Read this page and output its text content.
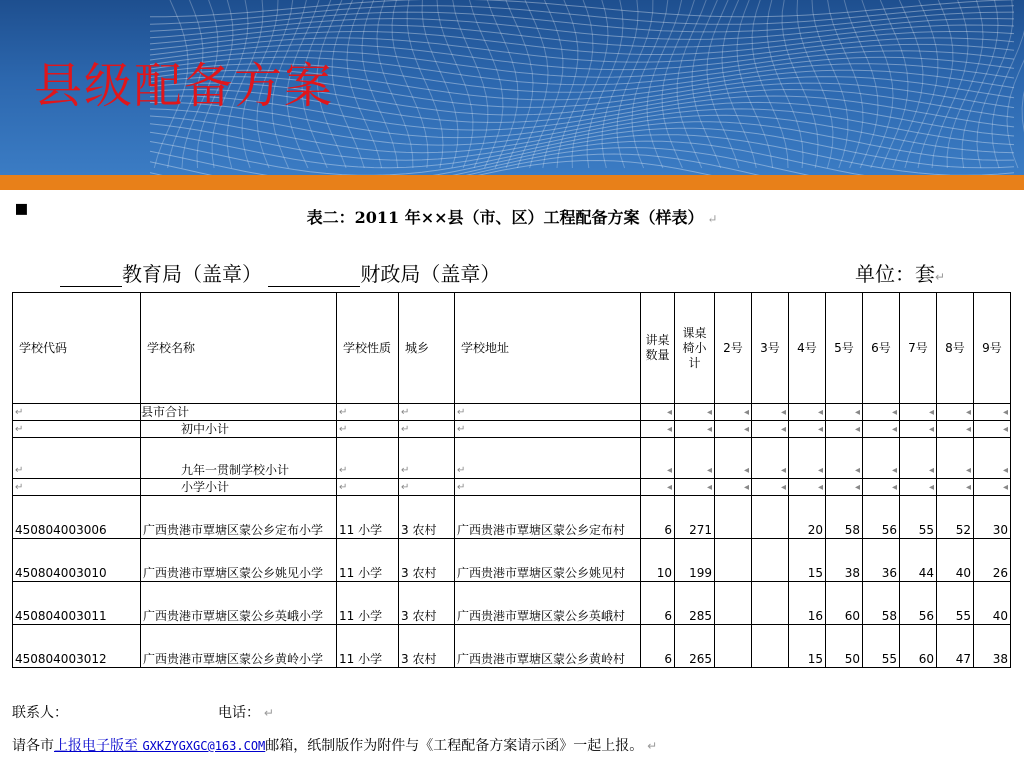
县级配备方案
▪	表二：2011 年××县（市、区）工程配备方案（样表） ↵
教育局（盖章）	财政局（盖章）	单位：套↵
学校代码	学校名称	学校性质	城乡	学校地址	讲桌数量	课桌椅小计	2号	3号	4号	5号	6号	7号	8号	9号
↵	县市合计	↵	↵	↵	◂	◂	◂	◂	◂	◂	◂	◂	◂	◂
↵	初中小计	↵	↵	↵	◂	◂	◂	◂	◂	◂	◂	◂	◂	◂
↵	九年一贯制学校小计	↵	↵	↵	◂	◂	◂	◂	◂	◂	◂	◂	◂	◂
↵	小学小计	↵	↵	↵	◂	◂	◂	◂	◂	◂	◂	◂	◂	◂
450804003006	广西贵港市覃塘区蒙公乡定布小学	11 小学	3 农村	广西贵港市覃塘区蒙公乡定布村	6	271			20	58	56	55	52	30
450804003010	广西贵港市覃塘区蒙公乡姚见小学	11 小学	3 农村	广西贵港市覃塘区蒙公乡姚见村	10	199			15	38	36	44	40	26
450804003011	广西贵港市覃塘区蒙公乡英峨小学	11 小学	3 农村	广西贵港市覃塘区蒙公乡英峨村	6	285			16	60	58	56	55	40
450804003012	广西贵港市覃塘区蒙公乡黄岭小学	11 小学	3 农村	广西贵港市覃塘区蒙公乡黄岭村	6	265			15	50	55	60	47	38
联系人：	电话： ↵
请各市上报电子版至 GXKZYGXGC@163.COM邮箱，纸制版作为附件与《工程配备方案请示函》一起上报。 ↵
